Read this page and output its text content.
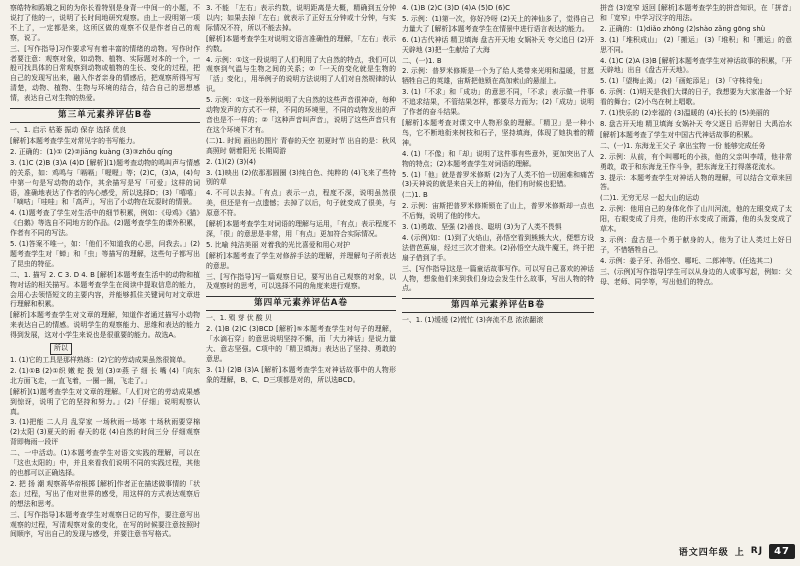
察皓特和鸥娥之间的为你长看特别是身背一中间一的小题，不说打了他的一，说明了长时间地研究观察。由上一段明第一项不上了，一定都是来，这所区做的观察不仅是作者自己的观察，说了。

三、[写作指导]习作要求写有着丰富的情绪的动物。写作时作者要注意：观察对象，如动物、植物、实际题对本的一个，一般可找具体的日常观察到动物或植物的生长、变化的过程，把自己的发现写出来，融入作者亲身的情感后，把观察所得写写清楚，动物、植物、生物与环境的结合，结合自己的思想感情，表达自己对生物的热爱。

第三单元素养评估B卷

一、1. 启示 枯萎 振动 保存 选择 优良

[解析]本题考查学生对常见字的书写能力。

2. 正确的：(1)① (2)②jiāng kuàng (3)③zhǒu qíng

3. (1)C (2)B (3)A (4)D [解析](1)题考查动物的鸣叫声与情感的关系，如：鸡鸣与「嗝嗝」「喔喔」等；(2)C，(3)A，(4)句中第一句是写动物的动作，其余描写是写「可爱」这样的词语，准确地表达了作者的内心感受，所以选择D；(3)「嘻嘻」「嘀咕」「哇哇」和「高声」，写出了小动物在玩耍时的情景。

4. (1)题考查了学生对生活中的细节积累，例如：《母鸡》《猫》《白鹅》等选自不同地方的作品。(2)题考查学生的课外积累，作者有不同的写法。

5. (1)答案不唯一，如：「他们不知道我的心思，问我去。」(2)题考查学生对「蝉」和「虫」等描写的理解，这些句子都写出了昆虫的特征。

二、1. 描写 2. C 3. D 4. B [解析]本题考查生活中的动物和植物对话的相关描写。本题考查学生在阅读中提取信息的能力，会用心去领悟短文的主要内容，并能够抓住关键词句对文章进行理解和积累。

[解析]本题考查学生对文章的理解，知道作者通过描写小动物来表达自己的情感。说明学生的观察能力、思维和表达的能力得到发展，这对小学生来说也是很重要的能力。故选A。

所以

1. (1)它的工具是那样熟练：(2)它的劳动成果虽然很简单。

2. (1)①B (2)①织 嫩 蛇 拨 划 (3)②燕 子 细 长 嘴 (4)「向东北方面飞走，一直飞着，一圈一圈，飞走了。」

[解析](1)题考查学生对文章的理解。「人们对它的劳动成果感到惊讶，说明了它的坚持和努力。」(2)「仔细」说明观察认真。

3. (1)把能 二人月 乱穿家 一场秋雨一场寒 十场秋雨要穿棉 (2)太阳 (3)夏天的雨 春天的花 (4)自然的时间三分 仔细观察 背即梅雨一段评

二、一中活动。(1)本题考查学生对语文实践的理解，可以在「这也太阳的」中，并且来看我们说明不同的实践过程，其他的也都可以正确选择。

2. 把 扬 潮 观察蒋华帝根掷 [解析]作者正在描述做事情的「状态」过程，写出了他对世界的感受，用这样的方式表达观察后的想法和思考。

三、[写作指导]本题考查学生对观察日记的写作，要注意写出观察的过程，写清观察对象的变化，在写的时候要注意按照时间顺序，写出自己的发现与感受，并要注意书写格式。

3. 不能 「左右」表示约数，说明距离是大概，精确到五分钟以内；如果去掉「左右」就表示了正好五分钟或十分钟，与实际情况不符，所以不能去掉。

[解析]本题考查学生对说明文语言准确性的理解，「左右」表示约数。

4. 示例：①这一段说明了人们利用了大自然的特点，我们可以观察到气温与生物之间的关系；②「一天的变化就是生物的「活」变化」，用举例子的说明方法说明了人们对自然规律的认识。

5. 示例：①这一段举例说明了大自然的这些声音很神奇，每种动物发声的方式不一样，不同的环境里，不同的动物发出的声音也是不一样的；②「这种声音叫声音」，说明了这些声音只有在这个环境下才有。

(二)1. 时间 画出的图片 青春的天空 初夏时节 出自的是：秋风高照时 朝着阳光 长期周游

2. (1)(2) (3)(4)

3. (1)映出 (2)依那那圆圈 (3)纯白色、纯粹的 (4)飞来了些特别的草

4. 不可以去掉。「有点」表示一点，程度不深，说明虽然很美，但还是有一点遗憾；去掉了以后，句子就变成了很美，与原意不符。

[解析]本题考查学生对词语的理解与运用，「有点」表示程度不深，「很」的意思是非常，用「有点」更加符合实际情况。

5. 比喻 纯洁美丽 对着我的光比喜爱和用心对护

[解析]本题考查了学生对修辞手法的理解，并理解句子所表达的意思。

三、[写作指导]写一篇观察日记，要写出自己观察的对象，以及观察时的思考，可以选择不同的角度来进行观察。

第四单元素养评估A卷

一、1. 殒 芽 伏 酸 贝

2. (1)B (2)C (3)BCD [解析]⑤本题考查学生对句子的理解，「水滴石穿」的意思说明坚持不懈，而「大力神话」是说力量大、意志坚强。C项中的「精卫填海」表达出了坚持、勇敢的意思。

3. (1) (2)B (3)A [解析]本题考查学生对神话故事中的人物形象的理解，B、C、D三项都是对的，所以选BCD。

4. (1)B (2)C (3)D (4)A (5)D (6)C

5. 示例：(1)第一次，你好冷呀 (2)天上的神仙多了，觉得自己力量大了 [解析]本题考查学生在情景中进行语言表达的能力。

6. (1)古代神话 精卫填海 盘古开天地 女娲补天 夸父追日 (2)开天辟地 (3)把一生献给了大海

二、(一)1. B

2. 示例：普罗米修斯是一个为了给人类带来光明和温暖，甘愿牺牲自己的英雄，宙斯把他锁在高加索山的悬崖上。

3. (1)「不求」和「成功」的意思不同，「不求」表示做一件事不追求结果，不管结果怎样，都要尽力而为；(2)「成功」说明了作者的奋斗结果。

[解析]本题考查对课文中人物形象的理解。「精卫」是一种小鸟，它不断地衔来树枝和石子，坚持填海，体现了她执着的精神。

4. (1)「不像」和「却」说明了这件事有些意外，更加突出了人物的特点；(2)本题考查学生对词语的理解。

5. (1)「他」就是普罗米修斯 (2)为了人类不怕一切困难和痛苦 (3)天神说的就是来自天上的神仙，他们有时候也犯错。

(二)1. B

2. 示例：宙斯把普罗米修斯锁在了山上，普罗米修斯却一点也不后悔，说明了他的伟大。

3. (1)勇敢、坚强 (2)善良、聪明 (3)为了人类不畏惧

4. (示例)如：(1)到了火焰山，孙悟空看到熊熊大火，便想方设法借芭蕉扇，经过三次才借来。(2)孙悟空大战牛魔王，终于把扇子借到了手。

三、[写作指导]这是一篇童话故事写作。可以写自己喜欢的神话人物，想象他们来到我们身边会发生什么故事，写出人物的特点。

第四单元素养评估B卷

一、1. (1)缓缓 (2)慌忙 (3)奔流不息 浓浓翻滚

拼音 (3)宽窄 返回 [解析]本题考查学生的拼音知识，在「拼音」和「宽窄」中学习汉字的用法。

2. 正确的：(1)diǎo zhōng (2)shào zǎng gōng shù

3. (1)「堆积成山」 (2)「搬运」 (3)「堆积」和「搬运」的意思不同。

4. (1)C (2)A (3)B [解析]本题考查学生对神话故事的积累，「开天辟地」出自《盘古开天地》。

5. (1)「望梅止渴」 (2)「画蛇添足」 (3)「守株待兔」

6. 示例：(1)明天是我们大课的日子，我想要为大家准备一个好看的舞台；(2)小鸟在树上唱歌。

7. (1)快乐的 (2)幸福的 (3)温暖的 (4)长长的 (5)美丽的

8. 盘古开天地 精卫填海 女娲补天 夸父逐日 后羿射日 大禹治水

[解析]本题考查了学生对中国古代神话故事的积累。

二、(一)1. 东海龙王父子 拿出宝物 一份 能够完成任务

2. 示例：从前，有个叫哪吒的小孩，他的父亲叫李靖，他非常勇敢，敢于和东海龙王作斗争，把东海龙王打得落花流水。

3. 提示：本题考查学生对神话人物的理解，可以结合文章来回答。

(二)1. 无穷无尽 一起大山的运动

2. 示例：他用自己的身体化作了山川河流，他的左眼变成了太阳，右眼变成了月亮，他的汗水变成了雨露，他的头发变成了草木。

3. 示例：盘古是一个勇于献身的人，他为了让人类过上好日子，不惜牺牲自己。

4. 示例：姜子牙、孙悟空、哪吒、二郎神等。(任选其二)

三、(示例)[写作指导]学生可以从身边的人或事写起，例如：父母、老师、同学等，写出他们的特点。

语文四年级 上 RJ	47
